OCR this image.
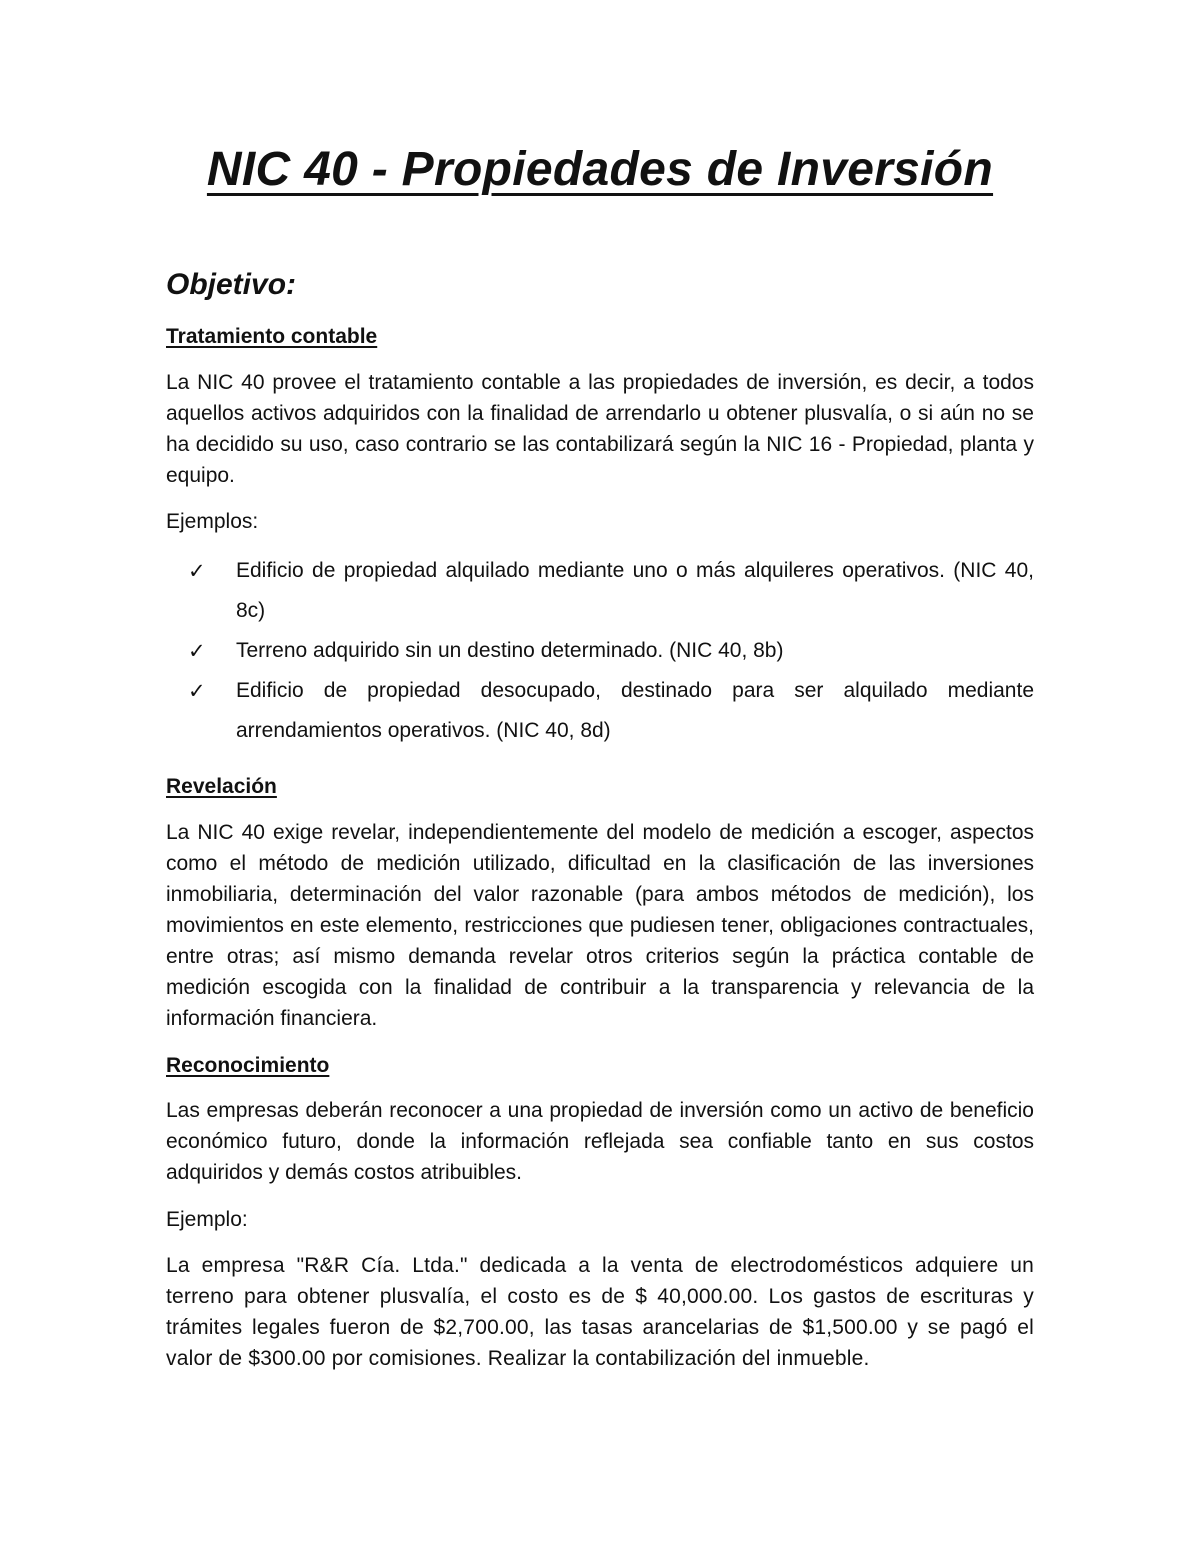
NIC 40 - Propiedades de Inversión
Objetivo:
Tratamiento contable

La NIC 40 provee el tratamiento contable a las propiedades de inversión, es decir, a todos aquellos activos adquiridos con la finalidad de arrendarlo u obtener plusvalía, o si aún no se ha decidido su uso, caso contrario se las contabilizará según la NIC 16 - Propiedad, planta y equipo.

Ejemplos:

✓ Edificio de propiedad alquilado mediante uno o más alquileres operativos. (NIC 40, 8c)
✓ Terreno adquirido sin un destino determinado. (NIC 40, 8b)
✓ Edificio de propiedad desocupado, destinado para ser alquilado mediante arrendamientos operativos. (NIC 40, 8d)
Revelación

La NIC 40 exige revelar, independientemente del modelo de medición a escoger, aspectos como el método de medición utilizado, dificultad en la clasificación de las inversiones inmobiliaria, determinación del valor razonable (para ambos métodos de medición), los movimientos en este elemento, restricciones que pudiesen tener, obligaciones contractuales, entre otras; así mismo demanda revelar otros criterios según la práctica contable de medición escogida con la finalidad de contribuir a la transparencia y relevancia de la información financiera.

Reconocimiento

Las empresas deberán reconocer a una propiedad de inversión como un activo de beneficio económico futuro, donde la información reflejada sea confiable tanto en sus costos adquiridos y demás costos atribuibles.

Ejemplo:

La empresa "R&R Cía. Ltda." dedicada a la venta de electrodomésticos adquiere un terreno para obtener plusvalía, el costo es de $ 40,000.00. Los gastos de escrituras y trámites legales fueron de $2,700.00, las tasas arancelarias de $1,500.00 y se pagó el valor de $300.00 por comisiones. Realizar la contabilización del inmueble.
